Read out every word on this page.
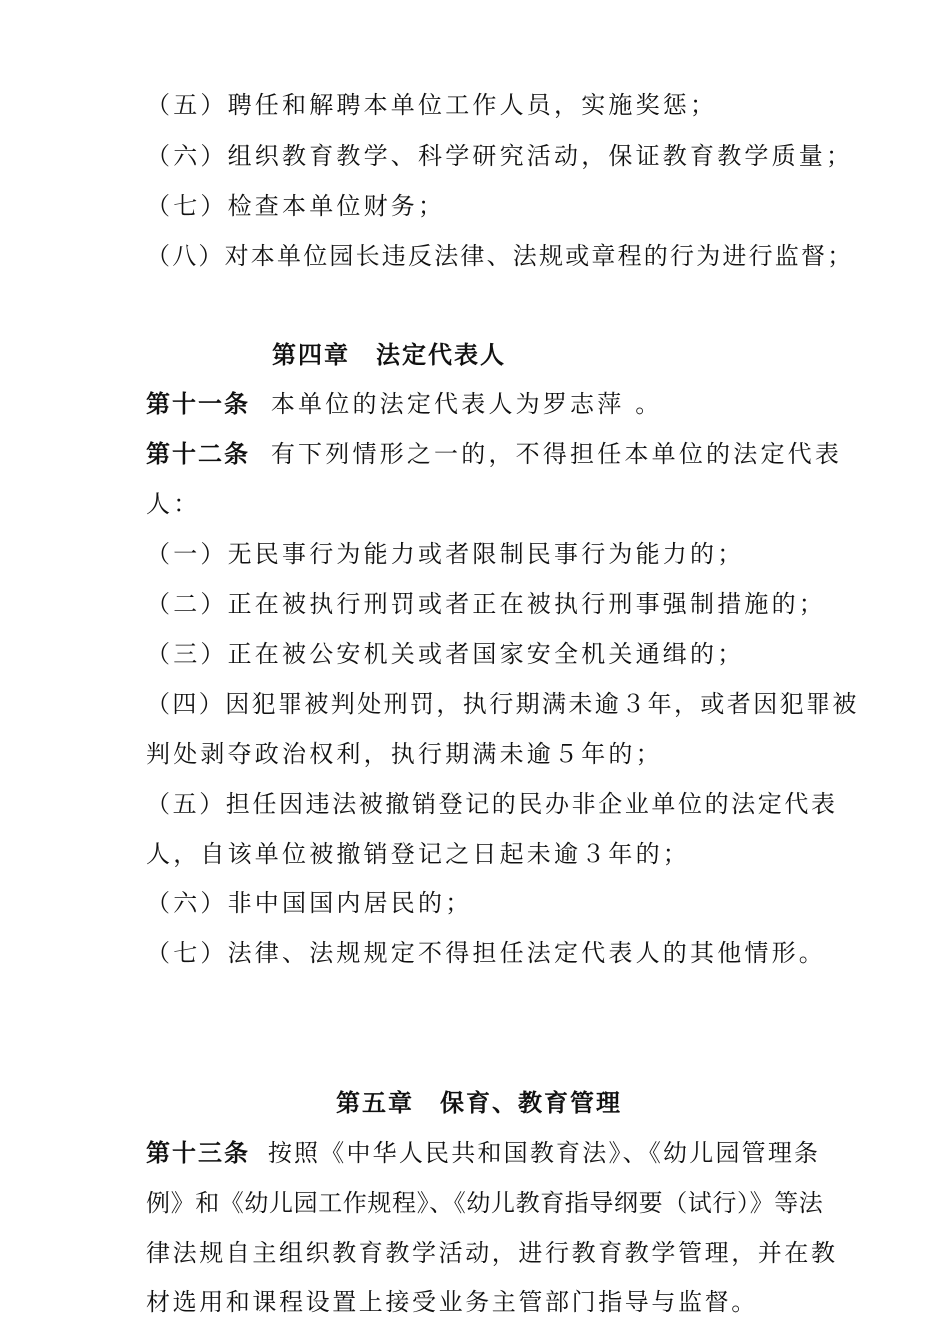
（五）聘任和解聘本单位工作人员，实施奖惩；
（六）组织教育教学、科学研究活动，保证教育教学质量；
（七）检查本单位财务；
（八）对本单位园长违反法律、法规或章程的行为进行监督；
第四章　法定代表人
第十一条 本单位的法定代表人为罗志萍 。
第十二条 有下列情形之一的，不得担任本单位的法定代表
人：
（一）无民事行为能力或者限制民事行为能力的；
（二）正在被执行刑罚或者正在被执行刑事强制措施的；
（三）正在被公安机关或者国家安全机关通缉的；
（四）因犯罪被判处刑罚，执行期满未逾３年，或者因犯罪被
判处剥夺政治权利，执行期满未逾５年的；
（五）担任因违法被撤销登记的民办非企业单位的法定代表
人，自该单位被撤销登记之日起未逾３年的；
（六）非中国国内居民的；
（七）法律、法规规定不得担任法定代表人的其他情形。
第五章　保育、教育管理
第十三条 按照《中华人民共和国教育法》、《幼儿园管理条
例》和《幼儿园工作规程》、《幼儿教育指导纲要（试行）》等法
律法规自主组织教育教学活动，进行教育教学管理，并在教
材选用和课程设置上接受业务主管部门指导与监督。
